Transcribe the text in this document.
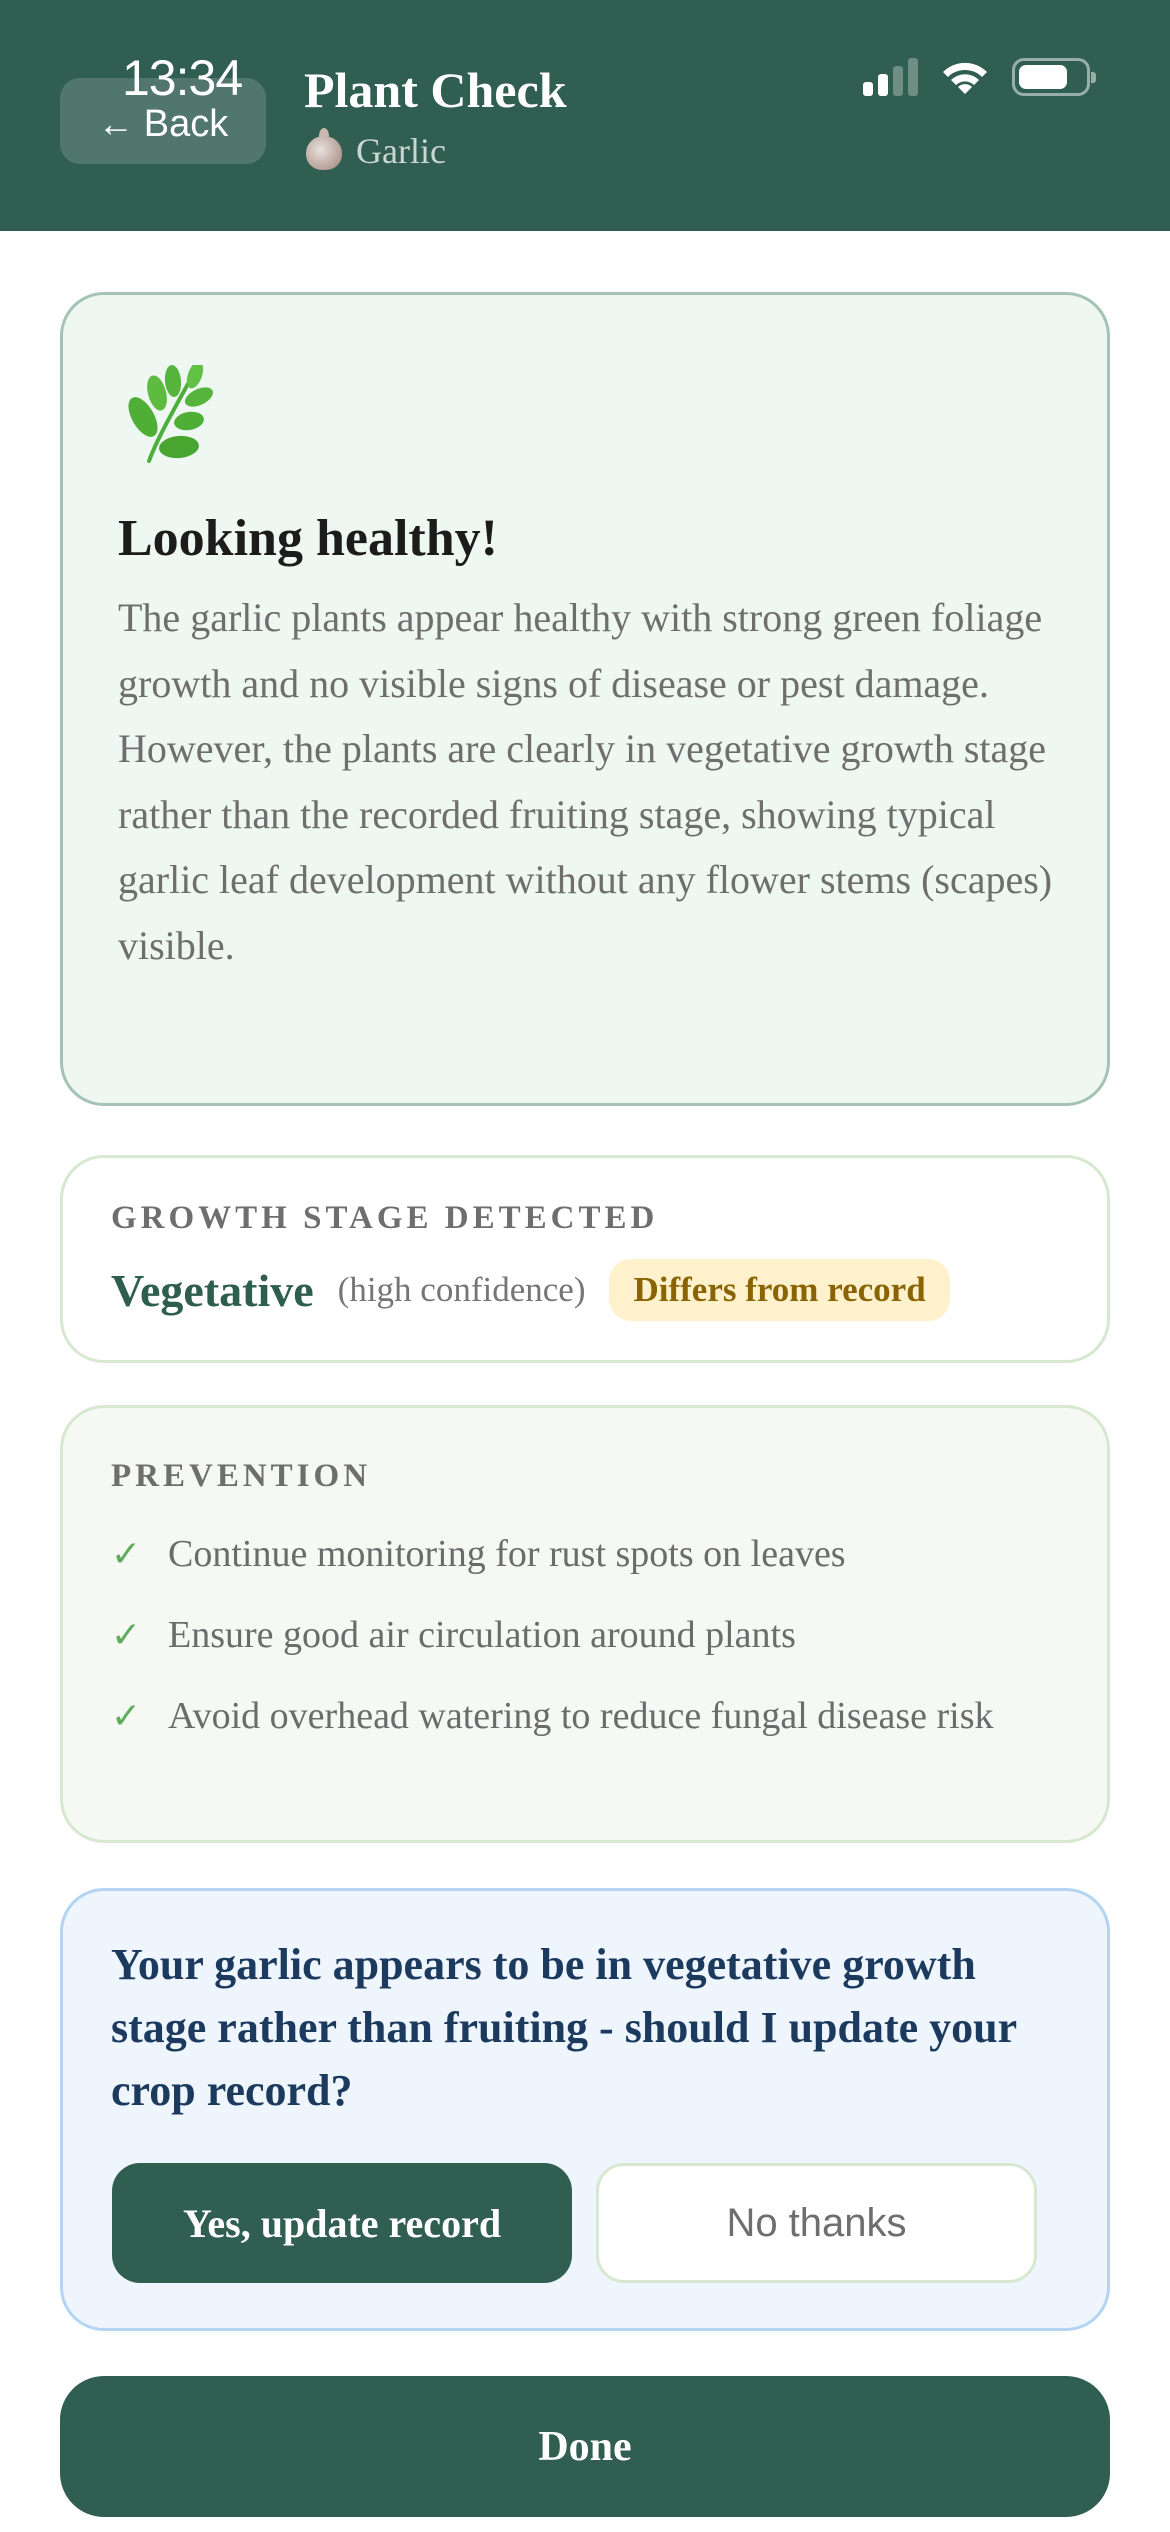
← Back
13:34 Plant Check
Garlic
Looking healthy!

The garlic plants appear healthy with strong green foliage growth and no visible signs of disease or pest damage. However, the plants are clearly in vegetative growth stage rather than the recorded fruiting stage, showing typical garlic leaf development without any flower stems (scapes) visible.

GROWTH STAGE DETECTED
Vegetative (high confidence)	Differs from record
PREVENTION
✓ Continue monitoring for rust spots on leaves
✓ Ensure good air circulation around plants
✓ Avoid overhead watering to reduce fungal disease risk

Your garlic appears to be in vegetative growth stage rather than fruiting - should I update your crop record?

Yes, update record	No thanks
Done
